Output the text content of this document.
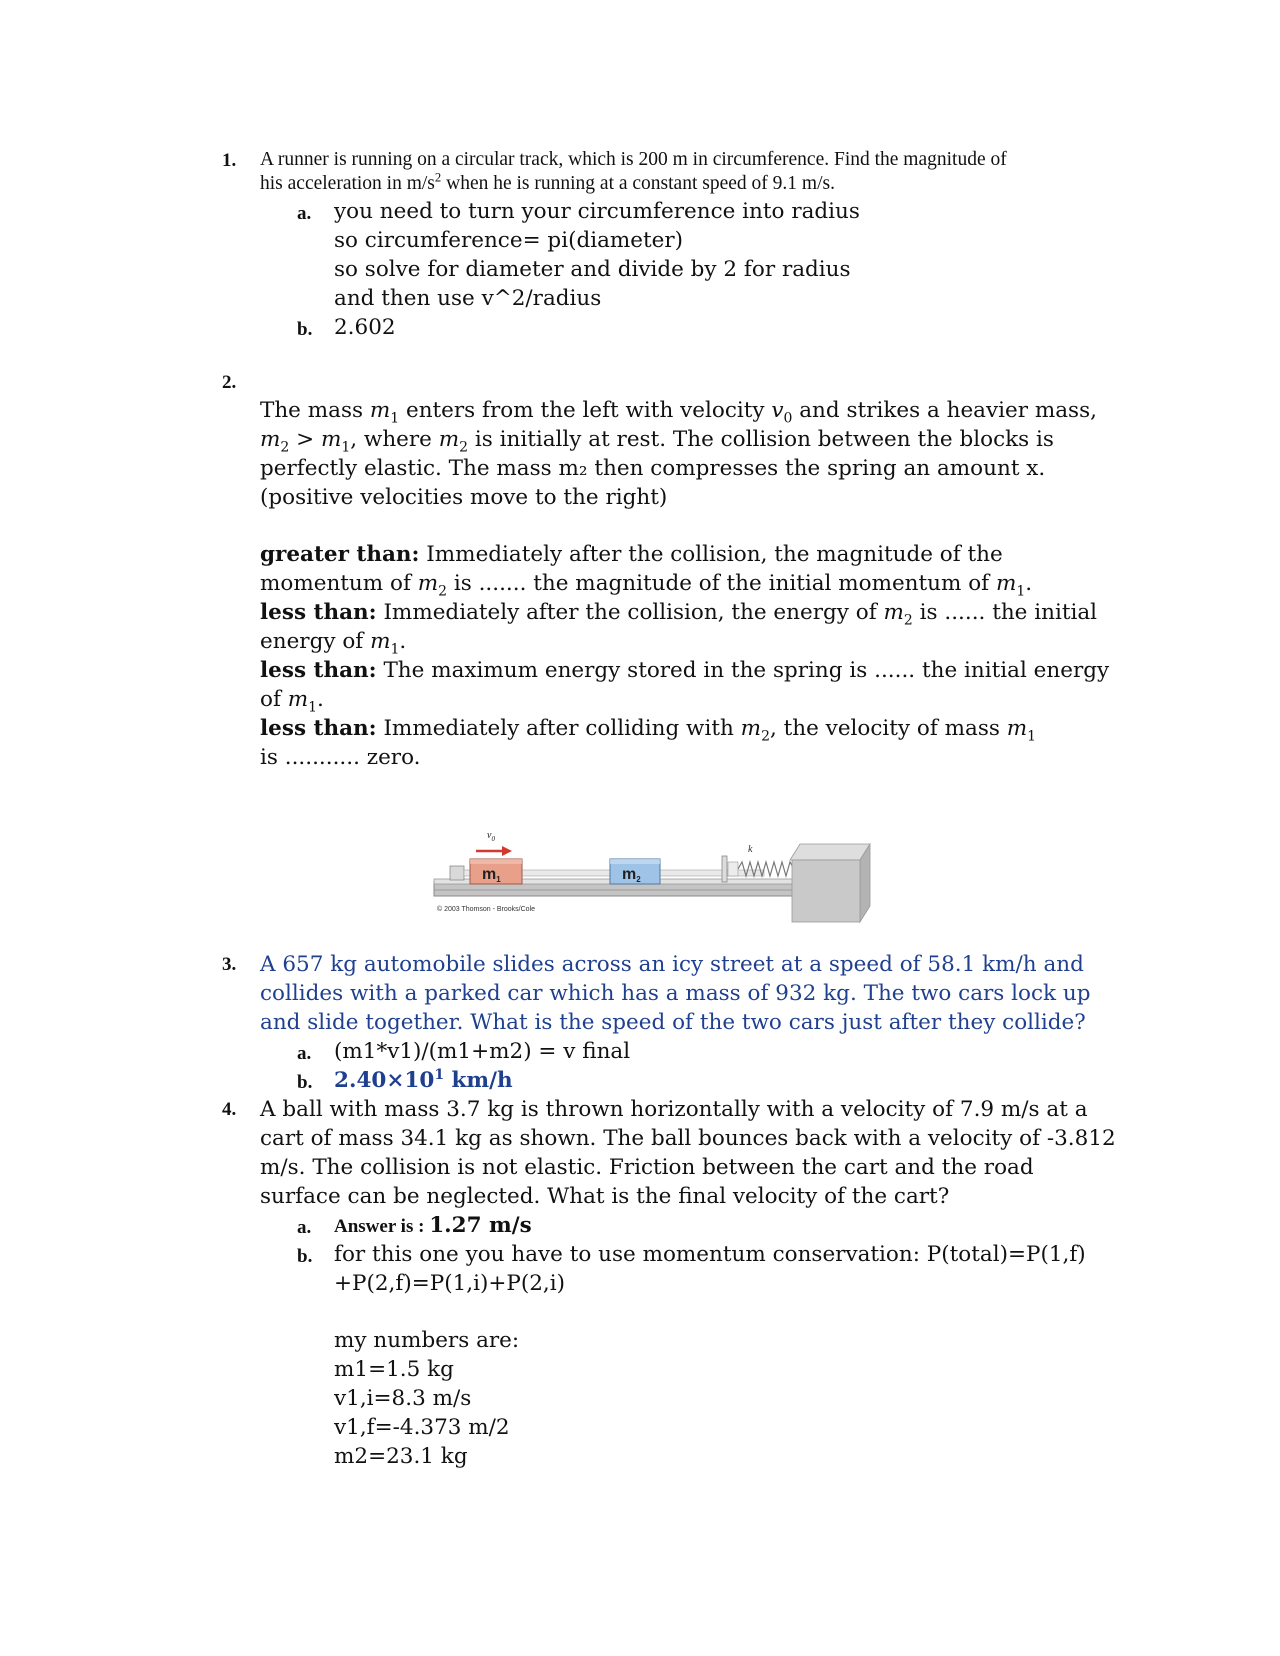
1. A runner is running on a circular track, which is 200 m in circumference. Find the magnitude of
his acceleration in $m/s^2$ when he is running at a constant speed of 9.1 m/s.
a. you need to turn your circumference into radius
so circumference= pi(diameter)
so solve for diameter and divide by 2 for radius
and then use v^2/radius
b. 2.602
2.
The mass $m_1$ enters from the left with velocity $v_0$ and strikes a heavier mass,
$m_2 > m_1$, where $m_2$ is initially at rest. The collision between the blocks is
perfectly elastic. The mass m₂ then compresses the spring an amount x.
(positive velocities move to the right)
greater than: Immediately after the collision, the magnitude of the
momentum of $m_2$ is ....... the magnitude of the initial momentum of $m_1$.
less than: Immediately after the collision, the energy of $m_2$ is ...... the initial
energy of $m_1$.
less than: The maximum energy stored in the spring is ...... the initial energy
of $m_1$.
less than: Immediately after colliding with $m_2$, the velocity of mass $m_1$
is ........... zero.
$v_0$
m1	m2
k
© 2003 Thomson - Brooks/Cole
3. A 657 kg automobile slides across an icy street at a speed of 58.1 km/h and
collides with a parked car which has a mass of 932 kg. The two cars lock up
and slide together. What is the speed of the two cars just after they collide?
a. (m1*v1)/(m1+m2) = v final
b. $2.40\times 10^1$ km/h
4. A ball with mass 3.7 kg is thrown horizontally with a velocity of 7.9 m/s at a
cart of mass 34.1 kg as shown. The ball bounces back with a velocity of -3.812
m/s. The collision is not elastic. Friction between the cart and the road
surface can be neglected. What is the final velocity of the cart?
a. Answer is : 1.27 m/s
b. for this one you have to use momentum conservation: P(total)=P(1,f)
+P(2,f)=P(1,i)+P(2,i)
my numbers are:
m1=1.5 kg
v1,i=8.3 m/s
v1,f=-4.373 m/2
m2=23.1 kg
